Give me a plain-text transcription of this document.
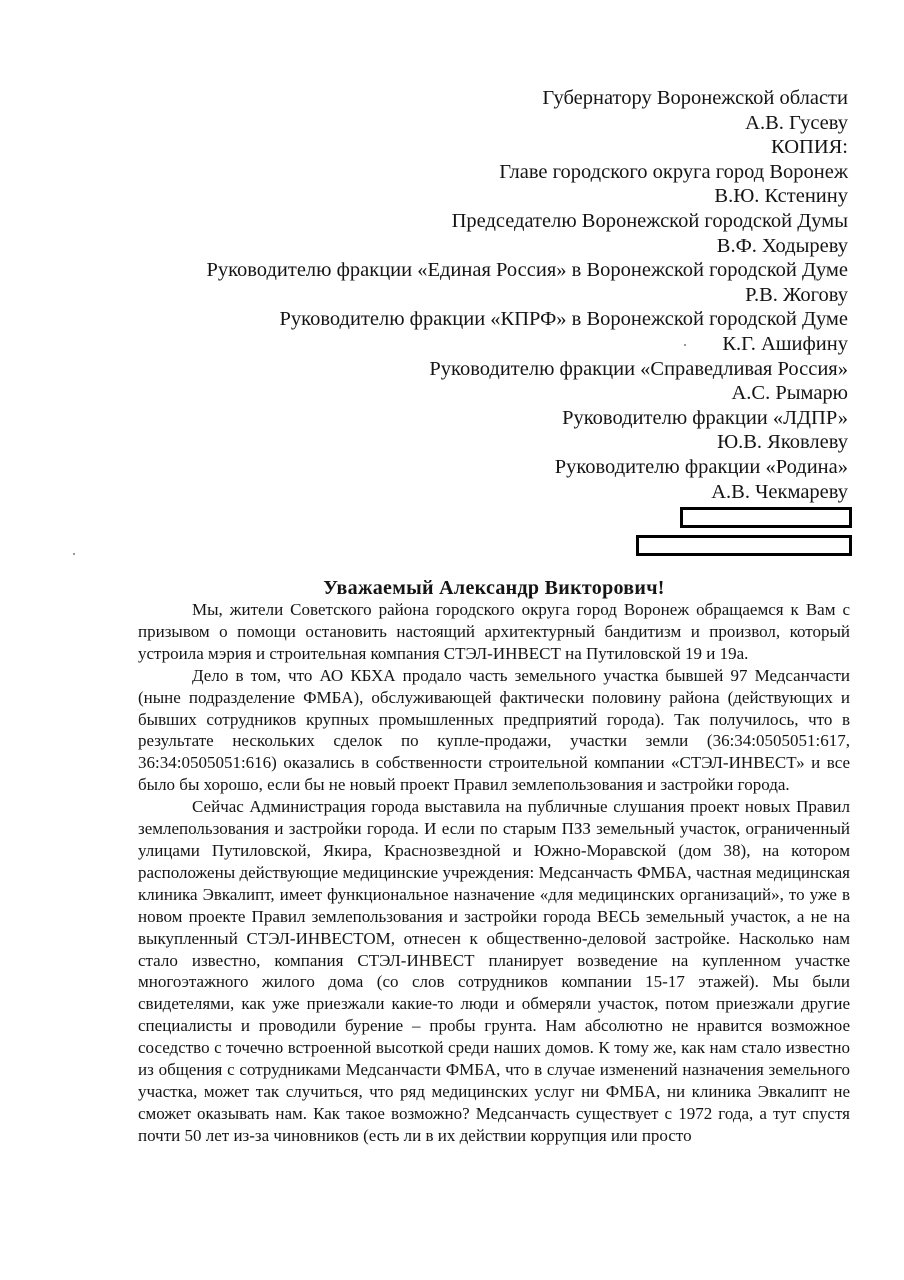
Губернатору Воронежской области
А.В. Гусеву
КОПИЯ:
Главе городского округа город Воронеж
В.Ю. Кстенину
Председателю Воронежской городской Думы
В.Ф. Ходыреву
Руководителю фракции «Единая Россия» в Воронежской городской Думе
Р.В. Жогову
Руководителю фракции «КПРФ» в Воронежской городской Думе
К.Г. Ашифину
Руководителю фракции «Справедливая Россия»
А.С. Рымарю
Руководителю фракции «ЛДПР»
Ю.В. Яковлеву
Руководителю фракции «Родина»
А.В. Чекмареву
Уважаемый Александр Викторович!

Мы, жители Советского района городского округа город Воронеж обращаемся к Вам с призывом о помощи остановить настоящий архитектурный бандитизм и произвол, который устроила мэрия и строительная компания СТЭЛ-ИНВЕСТ на Путиловской 19 и 19а.

Дело в том, что АО КБХА продало часть земельного участка бывшей 97 Медсанчасти (ныне подразделение ФМБА), обслуживающей фактически половину района (действующих и бывших сотрудников крупных промышленных предприятий города). Так получилось, что в результате нескольких сделок по купле-продажи, участки земли (36:34:0505051:617, 36:34:0505051:616) оказались в собственности строительной компании «СТЭЛ-ИНВЕСТ» и все было бы хорошо, если бы не новый проект Правил землепользования и застройки города.

Сейчас Администрация города выставила на публичные слушания проект новых Правил землепользования и застройки города. И если по старым ПЗЗ земельный участок, ограниченный улицами Путиловской, Якира, Краснозвездной и Южно-Моравской (дом 38), на котором расположены действующие медицинские учреждения: Медсанчасть ФМБА, частная медицинская клиника Эвкалипт, имеет функциональное назначение «для медицинских организаций», то уже в новом проекте Правил землепользования и застройки города ВЕСЬ земельный участок, а не на выкупленный СТЭЛ-ИНВЕСТОМ, отнесен к общественно-деловой застройке. Насколько нам стало известно, компания СТЭЛ-ИНВЕСТ планирует возведение на купленном участке многоэтажного жилого дома (со слов сотрудников компании 15-17 этажей). Мы были свидетелями, как уже приезжали какие-то люди и обмеряли участок, потом приезжали другие специалисты и проводили бурение – пробы грунта. Нам абсолютно не нравится возможное соседство с точечно встроенной высоткой среди наших домов. К тому же, как нам стало известно из общения с сотрудниками Медсанчасти ФМБА, что в случае изменений назначения земельного участка, может так случиться, что ряд медицинских услуг ни ФМБА, ни клиника Эвкалипт не сможет оказывать нам. Как такое возможно? Медсанчасть существует с 1972 года, а тут спустя почти 50 лет из-за чиновников (есть ли в их действии коррупция или просто
